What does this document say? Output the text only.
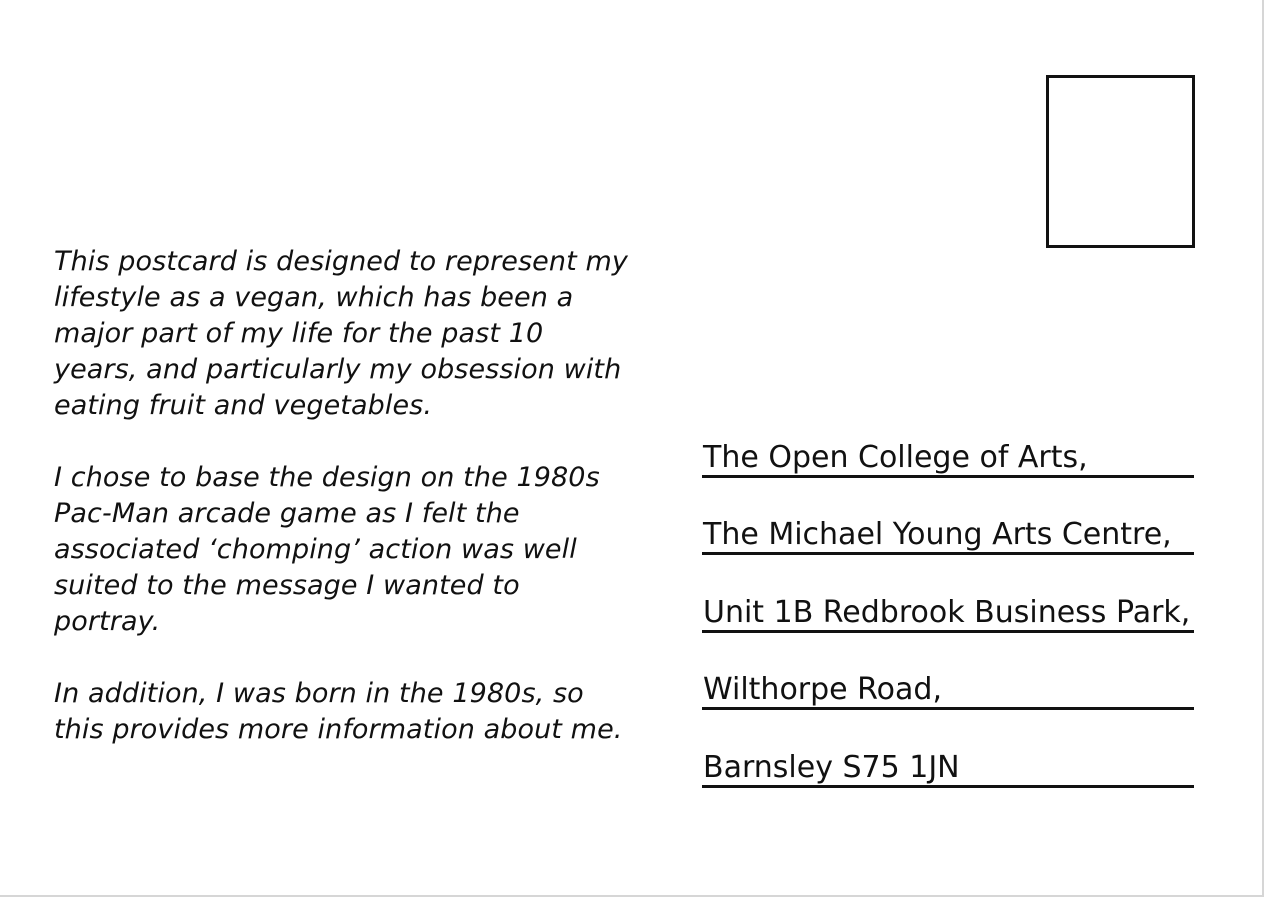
This postcard is designed to represent my
lifestyle as a vegan, which has been a
major part of my life for the past 10
years, and particularly my obsession with
eating fruit and vegetables.

I chose to base the design on the 1980s
Pac-Man arcade game as I felt the
associated ‘chomping’ action was well
suited to the message I wanted to
portray.

In addition, I was born in the 1980s, so
this provides more information about me.

The Open College of Arts,
The Michael Young Arts Centre,
Unit 1B Redbrook Business Park,
Wilthorpe Road,
Barnsley S75 1JN
